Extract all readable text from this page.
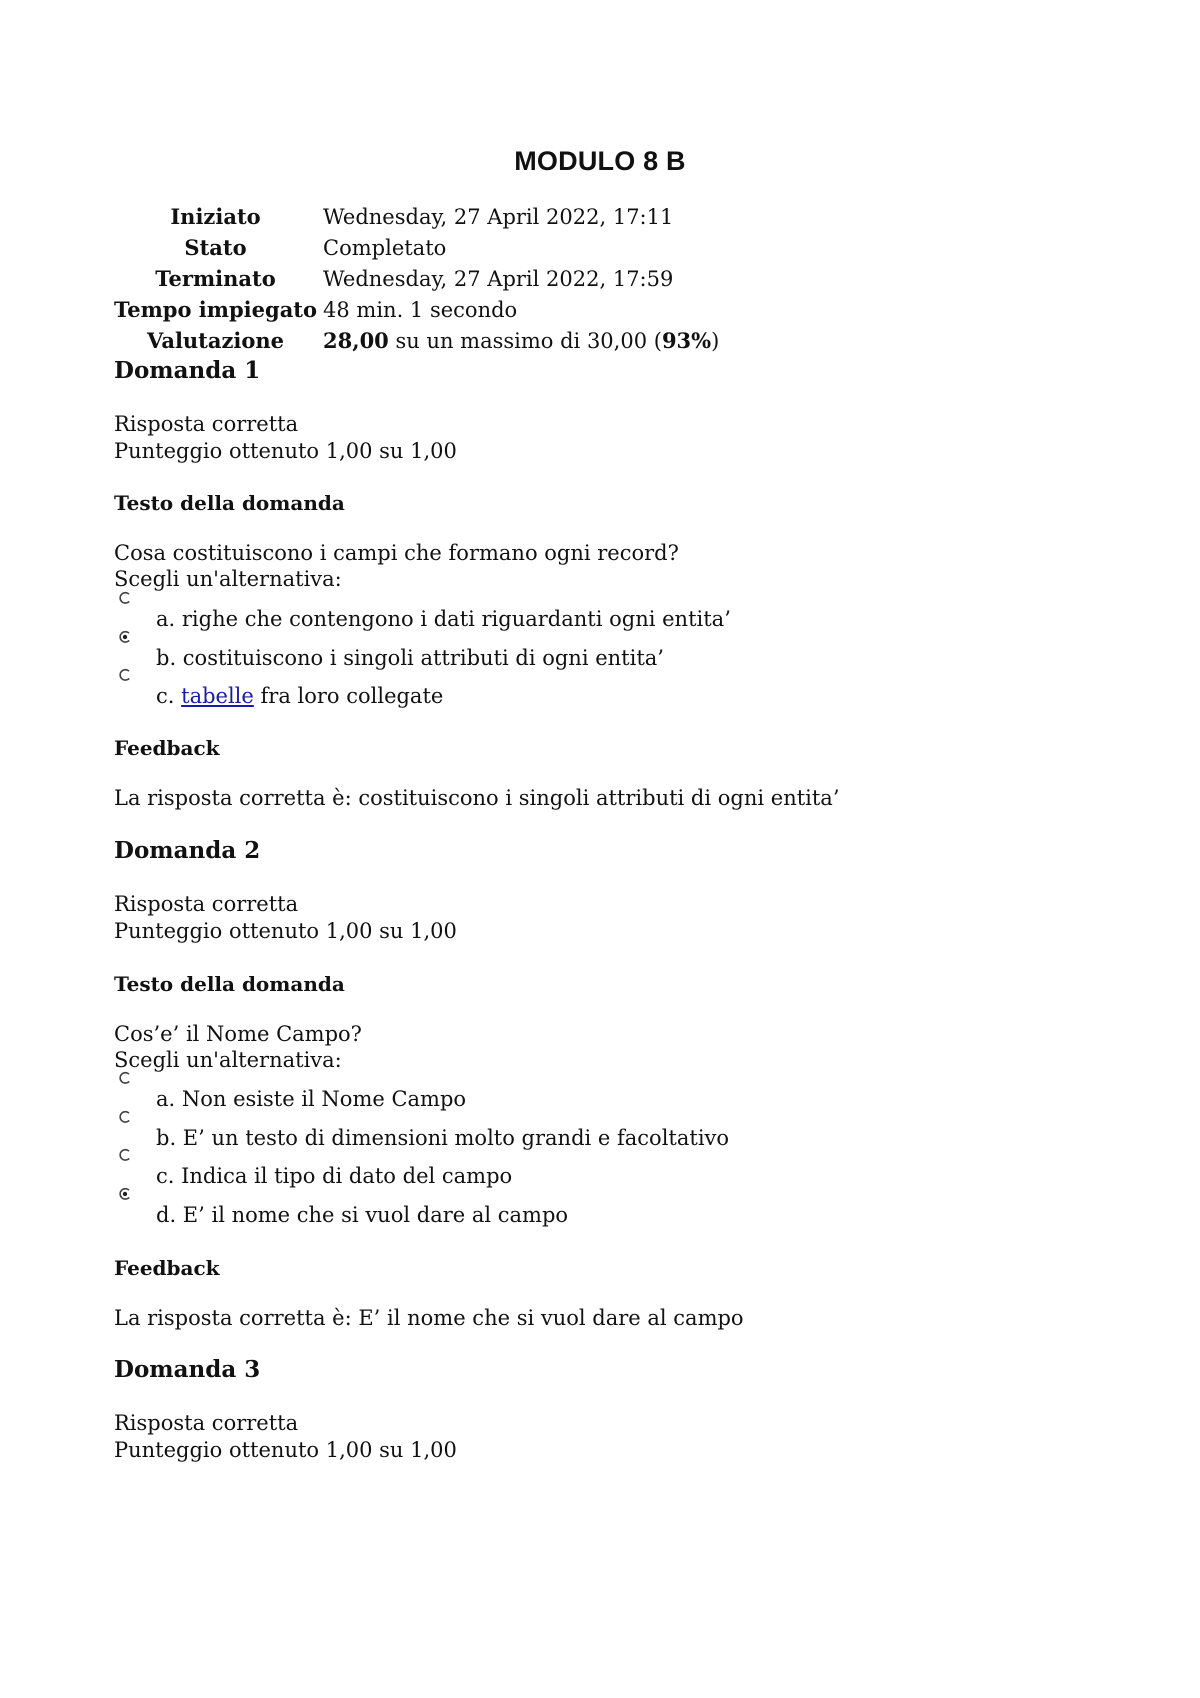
MODULO 8 B
Iniziato	Wednesday, 27 April 2022, 17:11
Stato	Completato
Terminato	Wednesday, 27 April 2022, 17:59
Tempo impiegato	48 min. 1 secondo
Valutazione	28,00 su un massimo di 30,00 (93%)
Domanda 1
Risposta corretta
Punteggio ottenuto 1,00 su 1,00
Testo della domanda
Cosa costituiscono i campi che formano ogni record?
Scegli un'alternativa:
a. righe che contengono i dati riguardanti ogni entita’
b. costituiscono i singoli attributi di ogni entita’
c. tabelle fra loro collegate
Feedback
La risposta corretta è: costituiscono i singoli attributi di ogni entita’
Domanda 2
Risposta corretta
Punteggio ottenuto 1,00 su 1,00
Testo della domanda
Cos’e’ il Nome Campo?
Scegli un'alternativa:
a. Non esiste il Nome Campo
b. E’ un testo di dimensioni molto grandi e facoltativo
c. Indica il tipo di dato del campo
d. E’ il nome che si vuol dare al campo
Feedback
La risposta corretta è: E’ il nome che si vuol dare al campo
Domanda 3
Risposta corretta
Punteggio ottenuto 1,00 su 1,00
